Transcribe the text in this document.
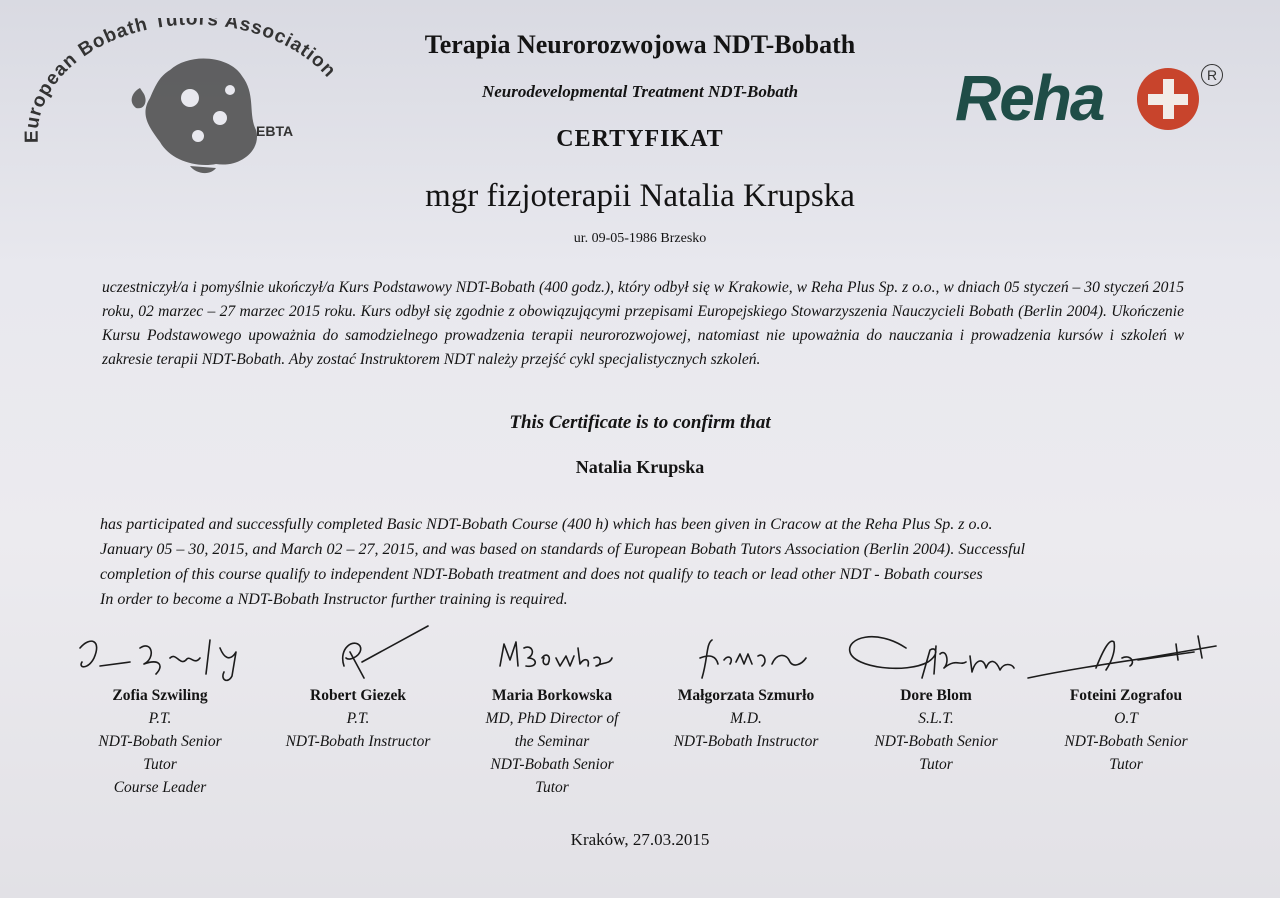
European Bobath Tutors Association
EBTA
Terapia Neurorozwojowa NDT-Bobath
Neurodevelopmental Treatment NDT-Bobath
CERTYFIKAT
mgr fizjoterapii Natalia Krupska
ur. 09-05-1986 Brzesko
Reha	R
uczestniczył/a i pomyślnie ukończył/a Kurs Podstawowy NDT-Bobath (400 godz.), który odbył się w Krakowie, w Reha Plus Sp. z o.o., w dniach 05 styczeń – 30 styczeń 2015 roku, 02 marzec – 27 marzec 2015 roku. Kurs odbył się zgodnie z obowiązującymi przepisami Europejskiego Stowarzyszenia Nauczycieli Bobath (Berlin 2004). Ukończenie Kursu Podstawowego upoważnia do samodzielnego prowadzenia terapii neurorozwojowej, natomiast nie upoważnia do nauczania i prowadzenia kursów i szkoleń w zakresie terapii NDT-Bobath. Aby zostać Instruktorem NDT należy przejść cykl specjalistycznych szkoleń.
This Certificate is to confirm that
Natalia Krupska

has participated and successfully completed Basic NDT-Bobath Course (400 h) which has been given in Cracow at the Reha Plus Sp. z o.o.

January 05 – 30, 2015, and March 02 – 27, 2015, and was based on standards of European Bobath Tutors Association (Berlin 2004). Successful

completion of this course qualify to independent NDT-Bobath treatment and does not qualify to teach or lead other NDT - Bobath courses

In order to become a NDT-Bobath Instructor further training is required.

Zofia Szwiling
P.T.
NDT-Bobath Senior
Tutor
Course Leader
Robert Giezek
P.T.
NDT-Bobath Instructor
Maria Borkowska
MD, PhD Director of
the Seminar
NDT-Bobath Senior
Tutor
Małgorzata Szmurło
M.D.
NDT-Bobath Instructor
Dore Blom
S.L.T.
NDT-Bobath Senior
Tutor
Foteini Zografou
O.T
NDT-Bobath Senior
Tutor
Kraków, 27.03.2015
